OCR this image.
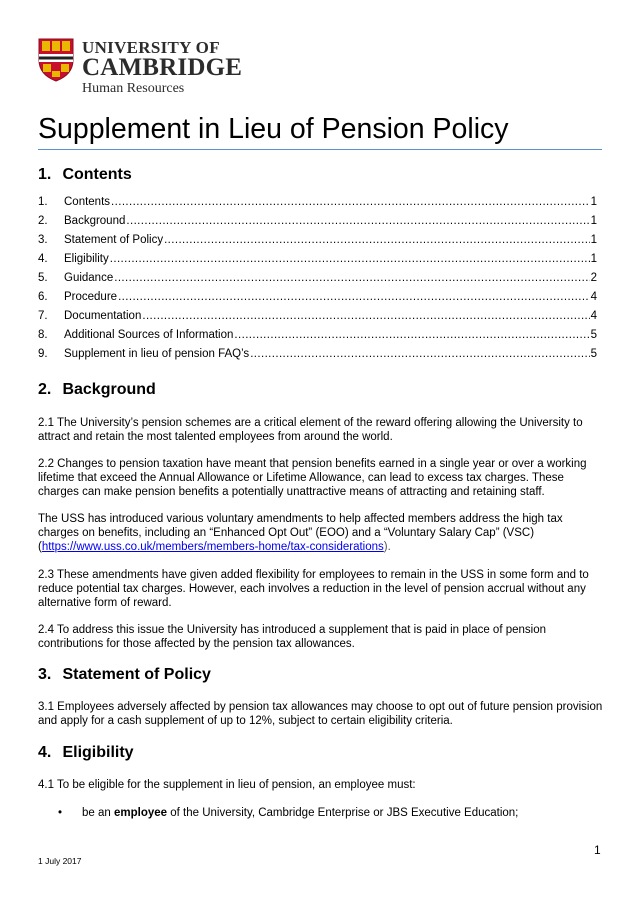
UNIVERSITY OF
CAMBRIDGE
Human Resources
Supplement in Lieu of Pension Policy
1. Contents
1.	Contents .....	1
2.	Background .....	1
3.	Statement of Policy .....	1
4.	Eligibility .....	1
5.	Guidance .....	2
6.	Procedure .....	4
7.	Documentation .....	4
8.	Additional Sources of Information .....	5
9.	Supplement in lieu of pension FAQ’s .....	5
2. Background
2.1 The University’s pension schemes are a critical element of the reward offering allowing the University to attract and retain the most talented employees from around the world.
2.2 Changes to pension taxation have meant that pension benefits earned in a single year or over a working lifetime that exceed the Annual Allowance or Lifetime Allowance, can lead to excess tax charges. These charges can make pension benefits a potentially unattractive means of attracting and retaining staff.
The USS has introduced various voluntary amendments to help affected members address the high tax charges on benefits, including an “Enhanced Opt Out” (EOO) and a “Voluntary Salary Cap” (VSC) (https://www.uss.co.uk/members/members-home/tax-considerations).
2.3 These amendments have given added flexibility for employees to remain in the USS in some form and to reduce potential tax charges. However, each involves a reduction in the level of pension accrual without any alternative form of reward.
2.4 To address this issue the University has introduced a supplement that is paid in place of pension contributions for those affected by the pension tax allowances.
3. Statement of Policy
3.1 Employees adversely affected by pension tax allowances may choose to opt out of future pension provision and apply for a cash supplement of up to 12%, subject to certain eligibility criteria.
4. Eligibility
4.1 To be eligible for the supplement in lieu of pension, an employee must:
• be an employee of the University, Cambridge Enterprise or JBS Executive Education;
1
1 July 2017
